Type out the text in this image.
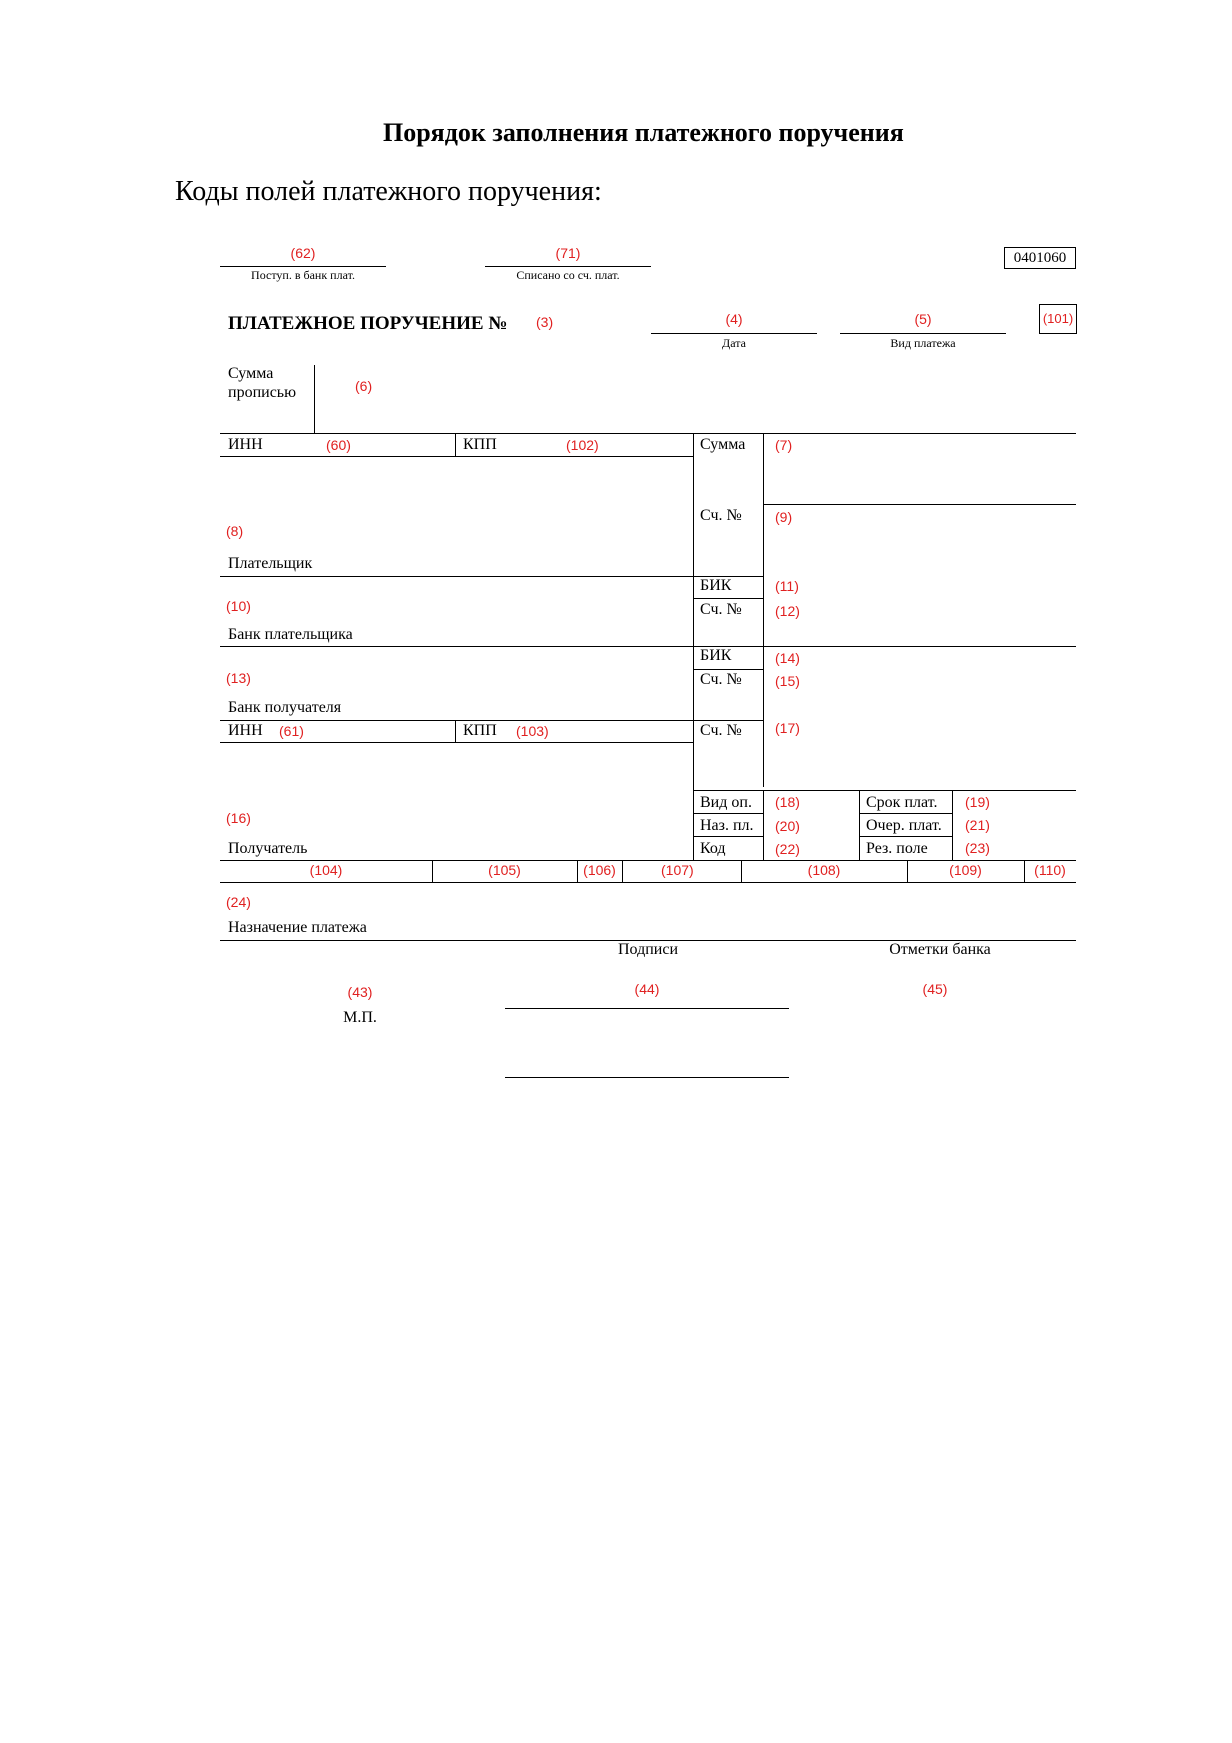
Порядок заполнения платежного поручения
Коды полей платежного поручения:
(62)
Поступ. в банк плат.
(71)
Списано со сч. плат.
0401060
ПЛАТЕЖНОЕ ПОРУЧЕНИЕ № (3)	(4)
Дата
(5)
Вид платежа
(101)
Сумма
прописью	(6)
ИНН	(60)	КПП	(102)	Сумма (7)
Сч. № (9)
(8)
Плательщик
БИК	(11)
Сч. № (12)
(10)
Банк плательщика
БИК	(14)
Сч. № (15)
(13)
Банк получателя
ИНН (61)	КПП (103)	Сч. № (17)
Вид оп. (18)	Срок плат. (19)
Наз. пл. (20)	Очер. плат. (21)
Код	(22)	Рез. поле	(23)
(16)
Получатель
(104)	(105)	(106)	(107)	(108)	(109)	(110)
(24)
Назначение платежа
Подписи	Отметки банка
(43)
М.П.
(44)	(45)
